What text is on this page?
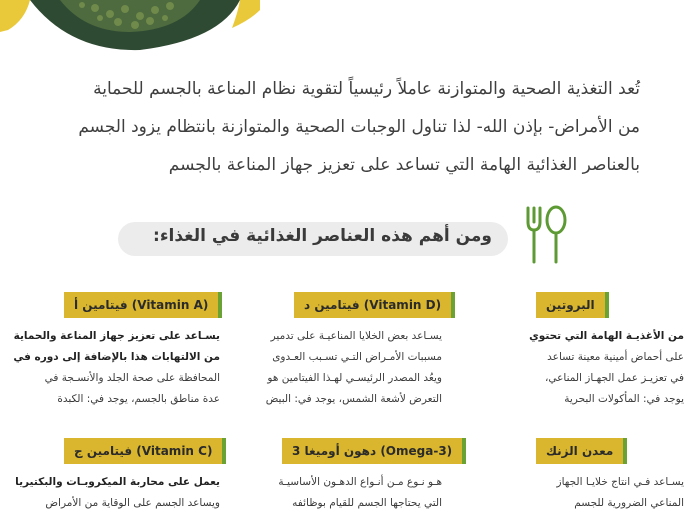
تُعد التغذية الصحية والمتوازنة عاملاً رئيسياً لتقوية نظام المناعة بالجسم للحماية
من الأمراض- بإذن الله- لذا تناول الوجبات الصحية والمتوازنة بانتظام يزود الجسم
بالعناصر الغذائية الهامة التي تساعد على تعزيز جهاز المناعة بالجسم
ومن أهم هذه العناصر الغذائية في الغذاء:
البروتين
من الأغذيـة الهامة التي تحتوي
على أحماض أمينية معينة تساعد
في تعزيـز عمل الجهـاز المناعي،
يوجد في: المأكولات البحرية
فيتامين د (Vitamin D)
يسـاعد بعض الخلايا المناعيـة على تدمير
مسببات الأمـراض التـي تسـبب العـدوى
ويعُد المصدر الرئيسـي لهـذا الفيتامين هو
التعرض لأشعة الشمس، يوجد في: البيض
فيتامين أ (Vitamin A)
يسـاعد على تعزيز جهاز المناعة والحماية
من الالتهابات هذا بالإضافة إلى دوره في
المحافظة على صحة الجلد والأنسـجة في
عدة مناطق بالجسم، يوجد في: الكبدة
معدن الزنك
يسـاعد فـي انتاج خلايـا الجهاز
المناعي الضرورية للجسم
دهون أوميغا 3 (Omega-3)
هـو نـوع مـن أنـواع الدهـون الأساسيـة
التي يحتاجها الجسم للقيام بوظائفه
فيتامين ج (Vitamin C)
يعمل على محاربة الميكروبـات والبكتيريا
ويساعد الجسم على الوقاية من الأمراض
